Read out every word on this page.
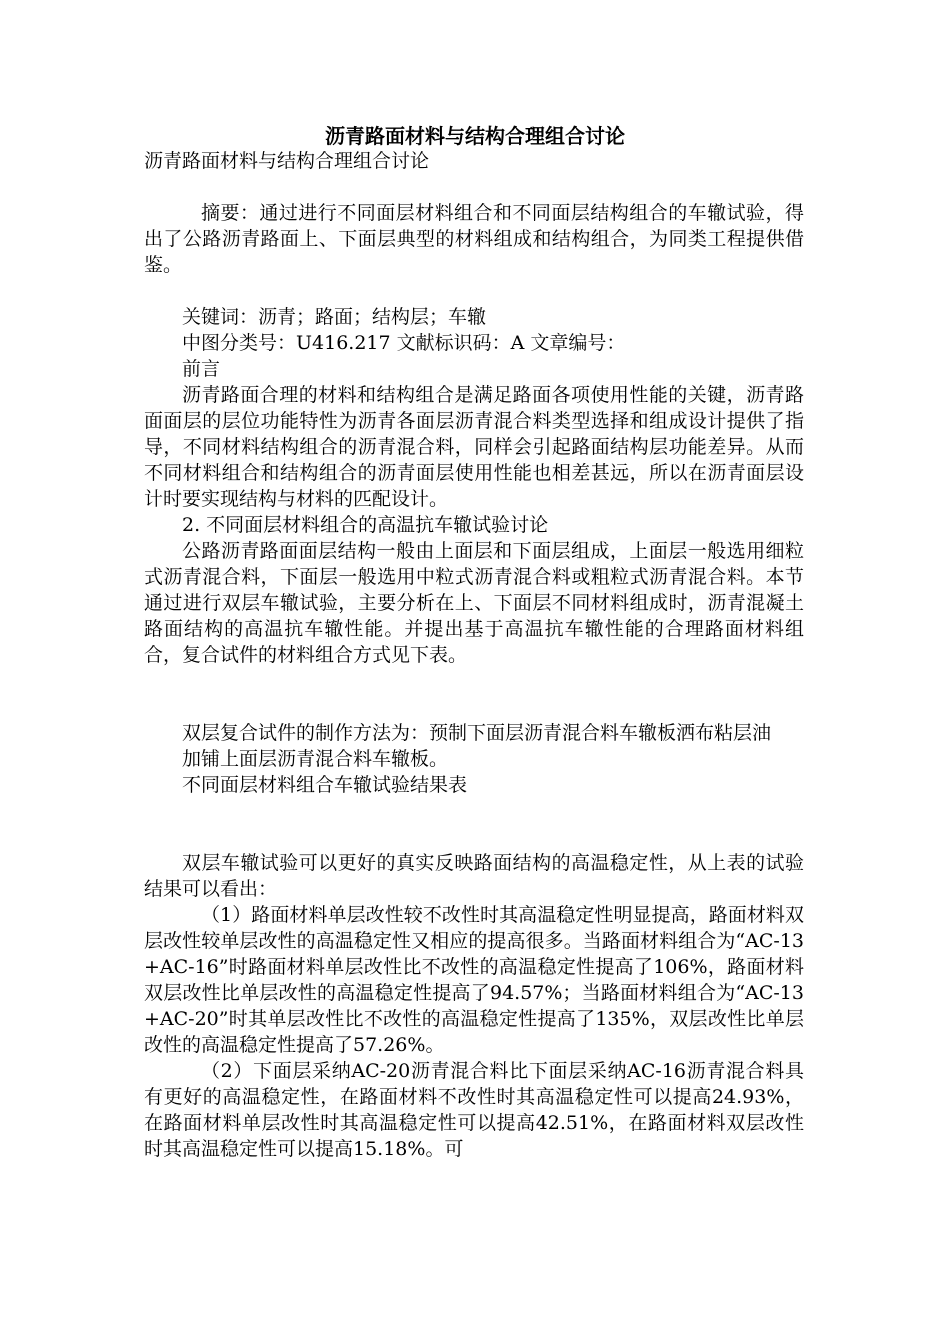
沥青路面材料与结构合理组合讨论

沥青路面材料与结构合理组合讨论

摘要：通过进行不同面层材料组合和不同面层结构组合的车辙试验，得出了公路沥青路面上、下面层典型的材料组成和结构组合，为同类工程提供借鉴。

关键词：沥青；路面；结构层；车辙

中图分类号：U416.217 文献标识码：A 文章编号：

前言

沥青路面合理的材料和结构组合是满足路面各项使用性能的关键，沥青路面面层的层位功能特性为沥青各面层沥青混合料类型选择和组成设计提供了指导，不同材料结构组合的沥青混合料，同样会引起路面结构层功能差异。从而不同材料组合和结构组合的沥青面层使用性能也相差甚远，所以在沥青面层设计时要实现结构与材料的匹配设计。

2. 不同面层材料组合的高温抗车辙试验讨论

公路沥青路面面层结构一般由上面层和下面层组成，上面层一般选用细粒式沥青混合料，下面层一般选用中粒式沥青混合料或粗粒式沥青混合料。本节通过进行双层车辙试验，主要分析在上、下面层不同材料组成时，沥青混凝土路面结构的高温抗车辙性能。并提出基于高温抗车辙性能的合理路面材料组合，复合试件的材料组合方式见下表。

双层复合试件的制作方法为：预制下面层沥青混合料车辙板洒布粘层油

加铺上面层沥青混合料车辙板。

不同面层材料组合车辙试验结果表

双层车辙试验可以更好的真实反映路面结构的高温稳定性，从上表的试验结果可以看出：

（1）路面材料单层改性较不改性时其高温稳定性明显提高，路面材料双层改性较单层改性的高温稳定性又相应的提高很多。当路面材料组合为“AC-13+AC-16”时路面材料单层改性比不改性的高温稳定性提高了106%，路面材料双层改性比单层改性的高温稳定性提高了94.57%；当路面材料组合为“AC-13+AC-20”时其单层改性比不改性的高温稳定性提高了135%，双层改性比单层改性的高温稳定性提高了57.26%。

（2）下面层采纳AC-20沥青混合料比下面层采纳AC-16沥青混合料具有更好的高温稳定性，在路面材料不改性时其高温稳定性可以提高24.93%，在路面材料单层改性时其高温稳定性可以提高42.51%，在路面材料双层改性时其高温稳定性可以提高15.18%。可
